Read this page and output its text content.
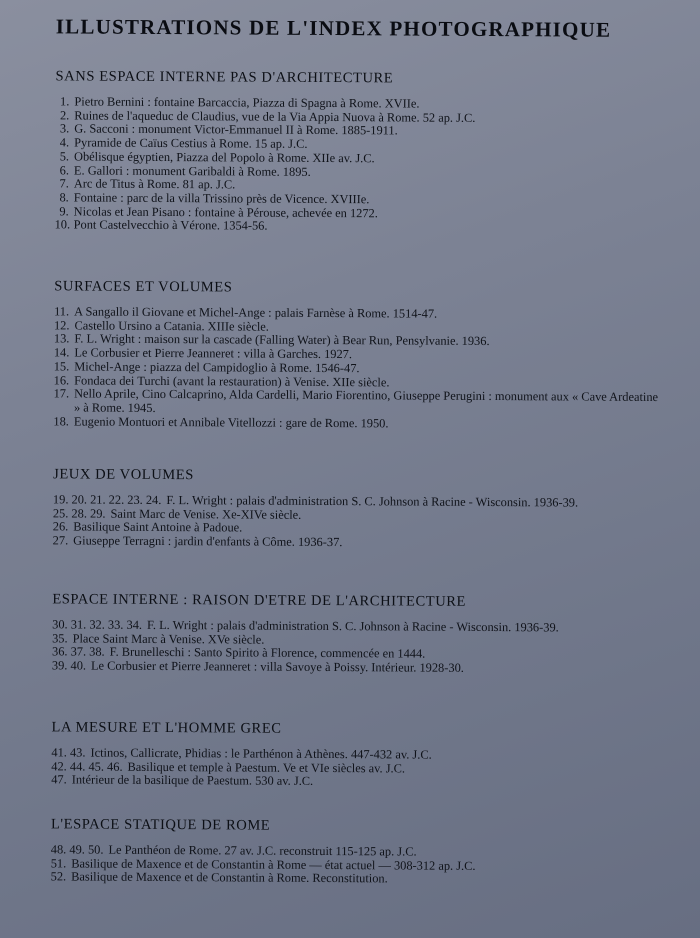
ILLUSTRATIONS DE L'INDEX PHOTOGRAPHIQUE
SANS ESPACE INTERNE PAS D'ARCHITECTURE
1. Pietro Bernini : fontaine Barcaccia, Piazza di Spagna à Rome. XVIIe.
2. Ruines de l'aqueduc de Claudius, vue de la Via Appia Nuova à Rome. 52 ap. J.C.
3. G. Sacconi : monument Victor-Emmanuel II à Rome. 1885-1911.
4. Pyramide de Caïus Cestius à Rome. 15 ap. J.C.
5. Obélisque égyptien, Piazza del Popolo à Rome. XIIe av. J.C.
6. E. Gallori : monument Garibaldi à Rome. 1895.
7. Arc de Titus à Rome. 81 ap. J.C.
8. Fontaine : parc de la villa Trissino près de Vicence. XVIIIe.
9. Nicolas et Jean Pisano : fontaine à Pérouse, achevée en 1272.
10. Pont Castelvecchio à Vérone. 1354-56.
SURFACES ET VOLUMES
11. A Sangallo il Giovane et Michel-Ange : palais Farnèse à Rome. 1514-47.
12. Castello Ursino a Catania. XIIIe siècle.
13. F. L. Wright : maison sur la cascade (Falling Water) à Bear Run, Pensylvanie. 1936.
14. Le Corbusier et Pierre Jeanneret : villa à Garches. 1927.
15. Michel-Ange : piazza del Campidoglio à Rome. 1546-47.
16. Fondaca dei Turchi (avant la restauration) à Venise. XIIe siècle.
17. Nello Aprile, Cino Calcaprino, Alda Cardelli, Mario Fiorentino, Giuseppe Perugini : monument aux « Cave Ardeatine » à Rome. 1945.
18. Eugenio Montuori et Annibale Vitellozzi : gare de Rome. 1950.
JEUX DE VOLUMES
19. 20. 21. 22. 23. 24. F. L. Wright : palais d'administration S. C. Johnson à Racine - Wisconsin. 1936-39.
25. 28. 29. Saint Marc de Venise. Xe-XIVe siècle.
26. Basilique Saint Antoine à Padoue.
27. Giuseppe Terragni : jardin d'enfants à Côme. 1936-37.
ESPACE INTERNE : RAISON D'ETRE DE L'ARCHITECTURE
30. 31. 32. 33. 34. F. L. Wright : palais d'administration S. C. Johnson à Racine - Wisconsin. 1936-39.
35. Place Saint Marc à Venise. XVe siècle.
36. 37. 38. F. Brunelleschi : Santo Spirito à Florence, commencée en 1444.
39. 40. Le Corbusier et Pierre Jeanneret : villa Savoye à Poissy. Intérieur. 1928-30.
LA MESURE ET L'HOMME GREC
41. 43. Ictinos, Callicrate, Phidias : le Parthénon à Athènes. 447-432 av. J.C.
42. 44. 45. 46. Basilique et temple à Paestum. Ve et VIe siècles av. J.C.
47. Intérieur de la basilique de Paestum. 530 av. J.C.
L'ESPACE STATIQUE DE ROME
48. 49. 50. Le Panthéon de Rome. 27 av. J.C. reconstruit 115-125 ap. J.C.
51. Basilique de Maxence et de Constantin à Rome — état actuel — 308-312 ap. J.C.
52. Basilique de Maxence et de Constantin à Rome. Reconstitution.
